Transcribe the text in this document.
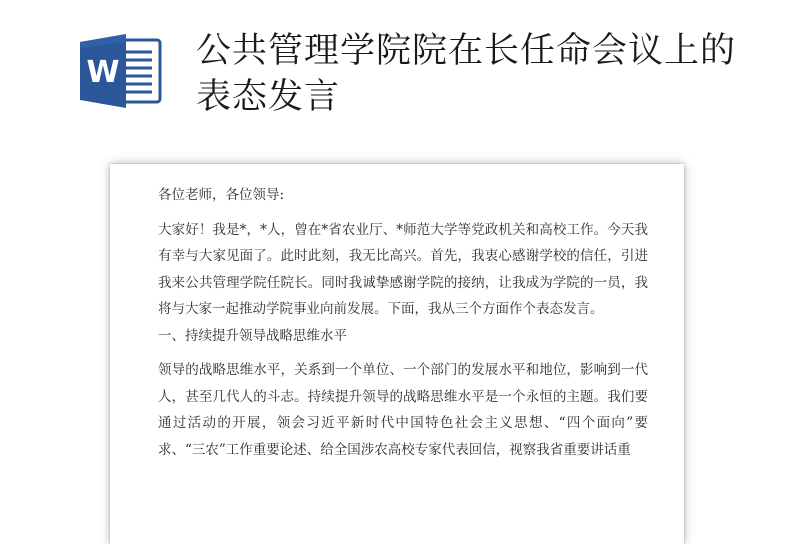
W
公共管理学院院在长任命会议上的表态发言

各位老师，各位领导:

大家好！我是*，*人，曾在*省农业厅、*师范大学等党政机关和高校工作。今天我有幸与大家见面了。此时此刻，我无比高兴。首先，我衷心感谢学校的信任，引进我来公共管理学院任院长。同时我诚挚感谢学院的接纳，让我成为学院的一员，我将与大家一起推动学院事业向前发展。下面，我从三个方面作个表态发言。

一、持续提升领导战略思维水平

领导的战略思维水平，关系到一个单位、一个部门的发展水平和地位，影响到一代人，甚至几代人的斗志。持续提升领导的战略思维水平是一个永恒的主题。我们要通过活动的开展，领会习近平新时代中国特色社会主义思想、“四个面向”要求、“三农”工作重要论述、给全国涉农高校专家代表回信，视察我省重要讲话重
